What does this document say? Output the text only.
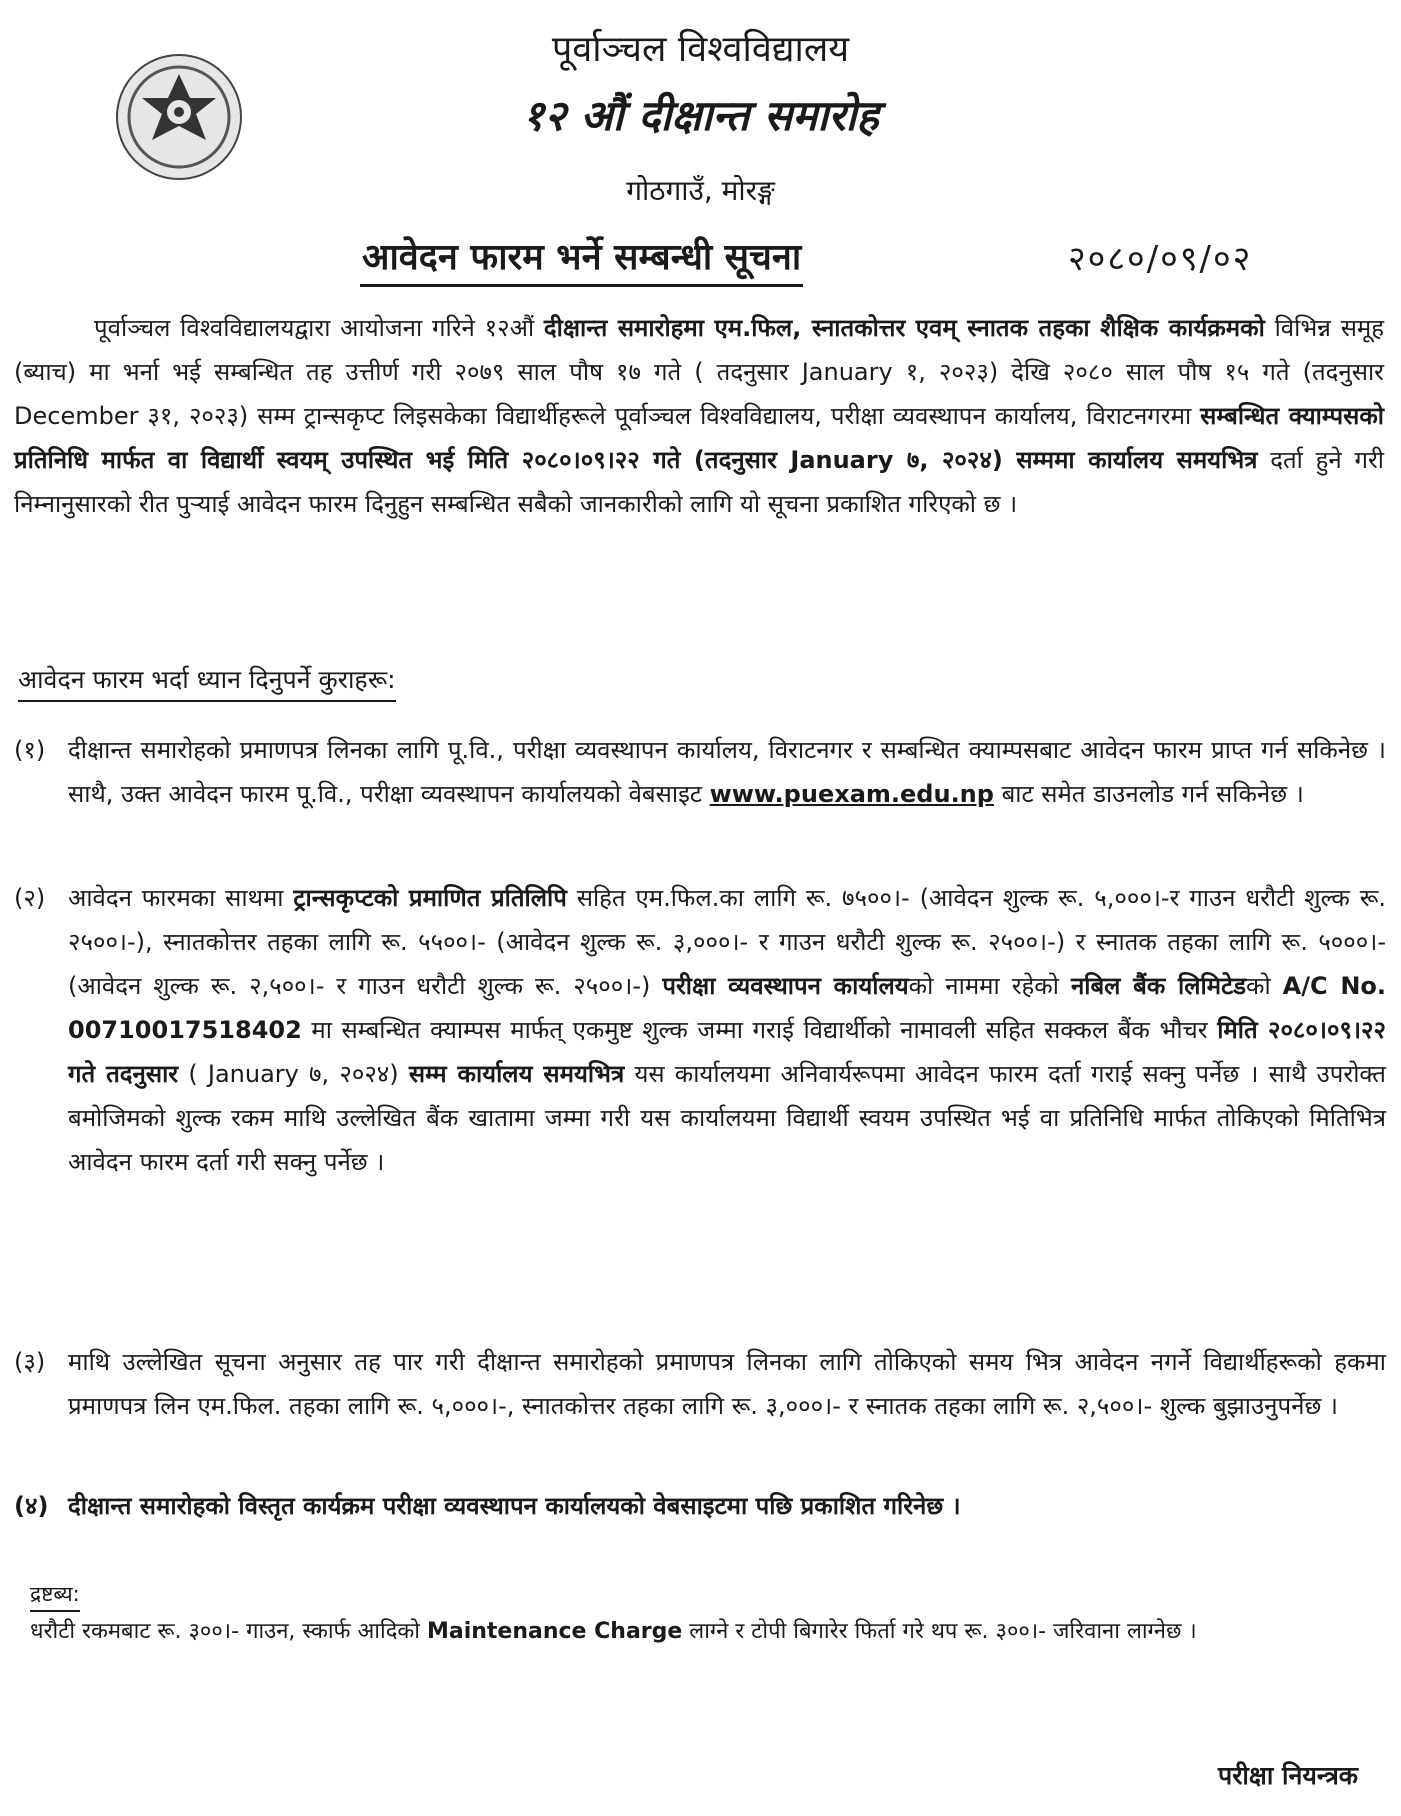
पूर्वाञ्चल विश्वविद्यालय
१२ औं दीक्षान्त समारोह
गोठगाउँ, मोरङ्ग
आवेदन फारम भर्ने सम्बन्धी सूचना	२०८०/०९/०२
पूर्वाञ्चल विश्वविद्यालयद्वारा आयोजना गरिने १२औं दीक्षान्त समारोहमा एम.फिल, स्नातकोत्तर एवम् स्नातक तहका शैक्षिक कार्यक्रमको विभिन्न समूह (ब्याच) मा भर्ना भई सम्बन्धित तह उत्तीर्ण गरी २०७९ साल पौष १७ गते ( तदनुसार January १, २०२३) देखि २०८० साल पौष १५ गते (तदनुसार December ३१, २०२३) सम्म ट्रान्सकृप्ट लिइसकेका विद्यार्थीहरूले पूर्वाञ्चल विश्वविद्यालय, परीक्षा व्यवस्थापन कार्यालय, विराटनगरमा सम्बन्धित क्याम्पसको प्रतिनिधि मार्फत वा विद्यार्थी स्वयम् उपस्थित भई मिति २०८०।०९।२२ गते (तदनुसार January ७, २०२४) सम्ममा कार्यालय समयभित्र दर्ता हुने गरी निम्नानुसारको रीत पुऱ्याई आवेदन फारम दिनुहुन सम्बन्धित सबैको जानकारीको लागि यो सूचना प्रकाशित गरिएको छ ।
आवेदन फारम भर्दा ध्यान दिनुपर्ने कुराहरू:
(१) दीक्षान्त समारोहको प्रमाणपत्र लिनका लागि पू.वि., परीक्षा व्यवस्थापन कार्यालय, विराटनगर र सम्बन्धित क्याम्पसबाट आवेदन फारम प्राप्त गर्न सकिनेछ । साथै, उक्त आवेदन फारम पू.वि., परीक्षा व्यवस्थापन कार्यालयको वेबसाइट www.puexam.edu.np बाट समेत डाउनलोड गर्न सकिनेछ ।
(२) आवेदन फारमका साथमा ट्रान्सकृप्टको प्रमाणित प्रतिलिपि सहित एम.फिल.का लागि रू. ७५००।- (आवेदन शुल्क रू. ५,०००।-र गाउन धरौटी शुल्क रू. २५००।-), स्नातकोत्तर तहका लागि रू. ५५००।- (आवेदन शुल्क रू. ३,०००।- र गाउन धरौटी शुल्क रू. २५००।-) र स्नातक तहका लागि रू. ५०००।- (आवेदन शुल्क रू. २,५००।- र गाउन धरौटी शुल्क रू. २५००।-) परीक्षा व्यवस्थापन कार्यालयको नाममा रहेको नबिल बैंक लिमिटेडको A/C No. 00710017518402 मा सम्बन्धित क्याम्पस मार्फत् एकमुष्ट शुल्क जम्मा गराई विद्यार्थीको नामावली सहित सक्कल बैंक भौचर मिति २०८०।०९।२२ गते तदनुसार ( January ७, २०२४) सम्म कार्यालय समयभित्र यस कार्यालयमा अनिवार्यरूपमा आवेदन फारम दर्ता गराई सक्नु पर्नेछ । साथै उपरोक्त बमोजिमको शुल्क रकम माथि उल्लेखित बैंक खातामा जम्मा गरी यस कार्यालयमा विद्यार्थी स्वयम उपस्थित भई वा प्रतिनिधि मार्फत तोकिएको मितिभित्र आवेदन फारम दर्ता गरी सक्नु पर्नेछ ।
(३) माथि उल्लेखित सूचना अनुसार तह पार गरी दीक्षान्त समारोहको प्रमाणपत्र लिनका लागि तोकिएको समय भित्र आवेदन नगर्ने विद्यार्थीहरूको हकमा प्रमाणपत्र लिन एम.फिल. तहका लागि रू. ५,०००।-, स्नातकोत्तर तहका लागि रू. ३,०००।- र स्नातक तहका लागि रू. २,५००।- शुल्क बुझाउनुपर्नेछ ।
(४) दीक्षान्त समारोहको विस्तृत कार्यक्रम परीक्षा व्यवस्थापन कार्यालयको वेबसाइटमा पछि प्रकाशित गरिनेछ ।
द्रष्टब्य:
धरौटी रकमबाट रू. ३००।- गाउन, स्कार्फ आदिको Maintenance Charge लाग्ने र टोपी बिगारेर फिर्ता गरे थप रू. ३००।- जरिवाना लाग्नेछ ।
परीक्षा नियन्त्रक
